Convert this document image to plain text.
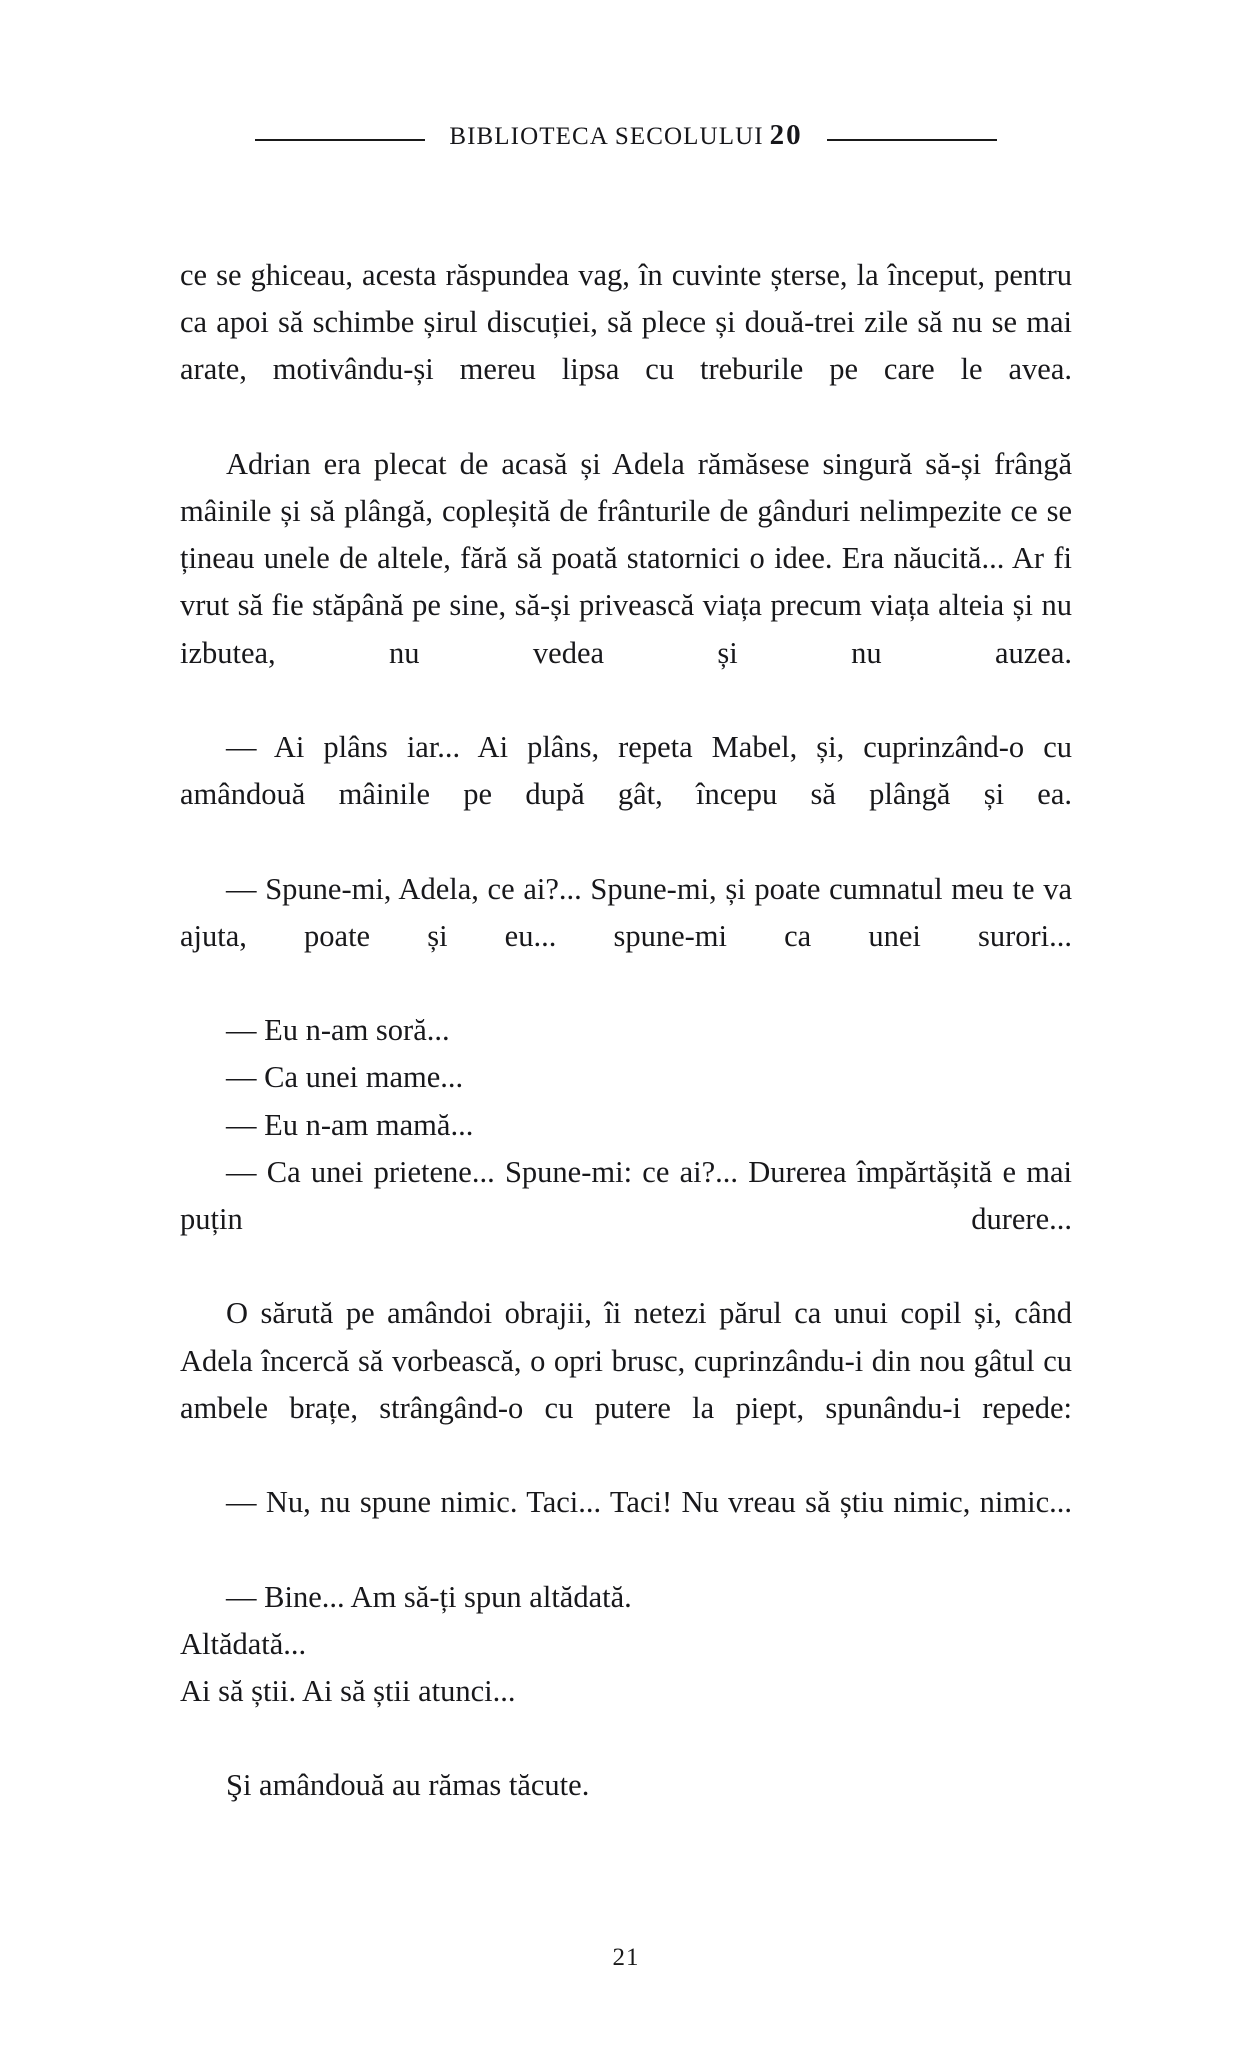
BIBLIOTECA SECOLULUI 20

ce se ghiceau, acesta răspundea vag, în cuvinte șterse, la început, pentru ca apoi să schimbe șirul discuției, să plece și două-trei zile să nu se mai arate, motivându-și mereu lipsa cu treburile pe care le avea.

Adrian era plecat de acasă și Adela rămăsese singură să-și frângă mâinile și să plângă, copleșită de frânturile de gânduri nelimpezite ce se țineau unele de altele, fără să poată statornici o idee. Era năucită... Ar fi vrut să fie stăpână pe sine, să-și privească viața precum viața alteia și nu izbutea, nu vedea și nu auzea.

— Ai plâns iar... Ai plâns, repeta Mabel, și, cuprinzând-o cu amândouă mâinile pe după gât, începu să plângă și ea.

— Spune-mi, Adela, ce ai?... Spune-mi, și poate cumnatul meu te va ajuta, poate și eu... spune-mi ca unei surori...

— Eu n-am soră...

— Ca unei mame...

— Eu n-am mamă...

— Ca unei prietene... Spune-mi: ce ai?... Durerea împărtășită e mai puțin durere...

O sărută pe amândoi obrajii, îi netezi părul ca unui copil și, când Adela încercă să vorbească, o opri brusc, cuprinzându-i din nou gâtul cu ambele brațe, strângând-o cu putere la piept, spunându-i repede:

— Nu, nu spune nimic. Taci... Taci! Nu vreau să știu nimic, nimic...

— Bine... Am să-ți spun altădată.

Altădată...

Ai să știi. Ai să știi atunci...

Şi amândouă au rămas tăcute.

21
